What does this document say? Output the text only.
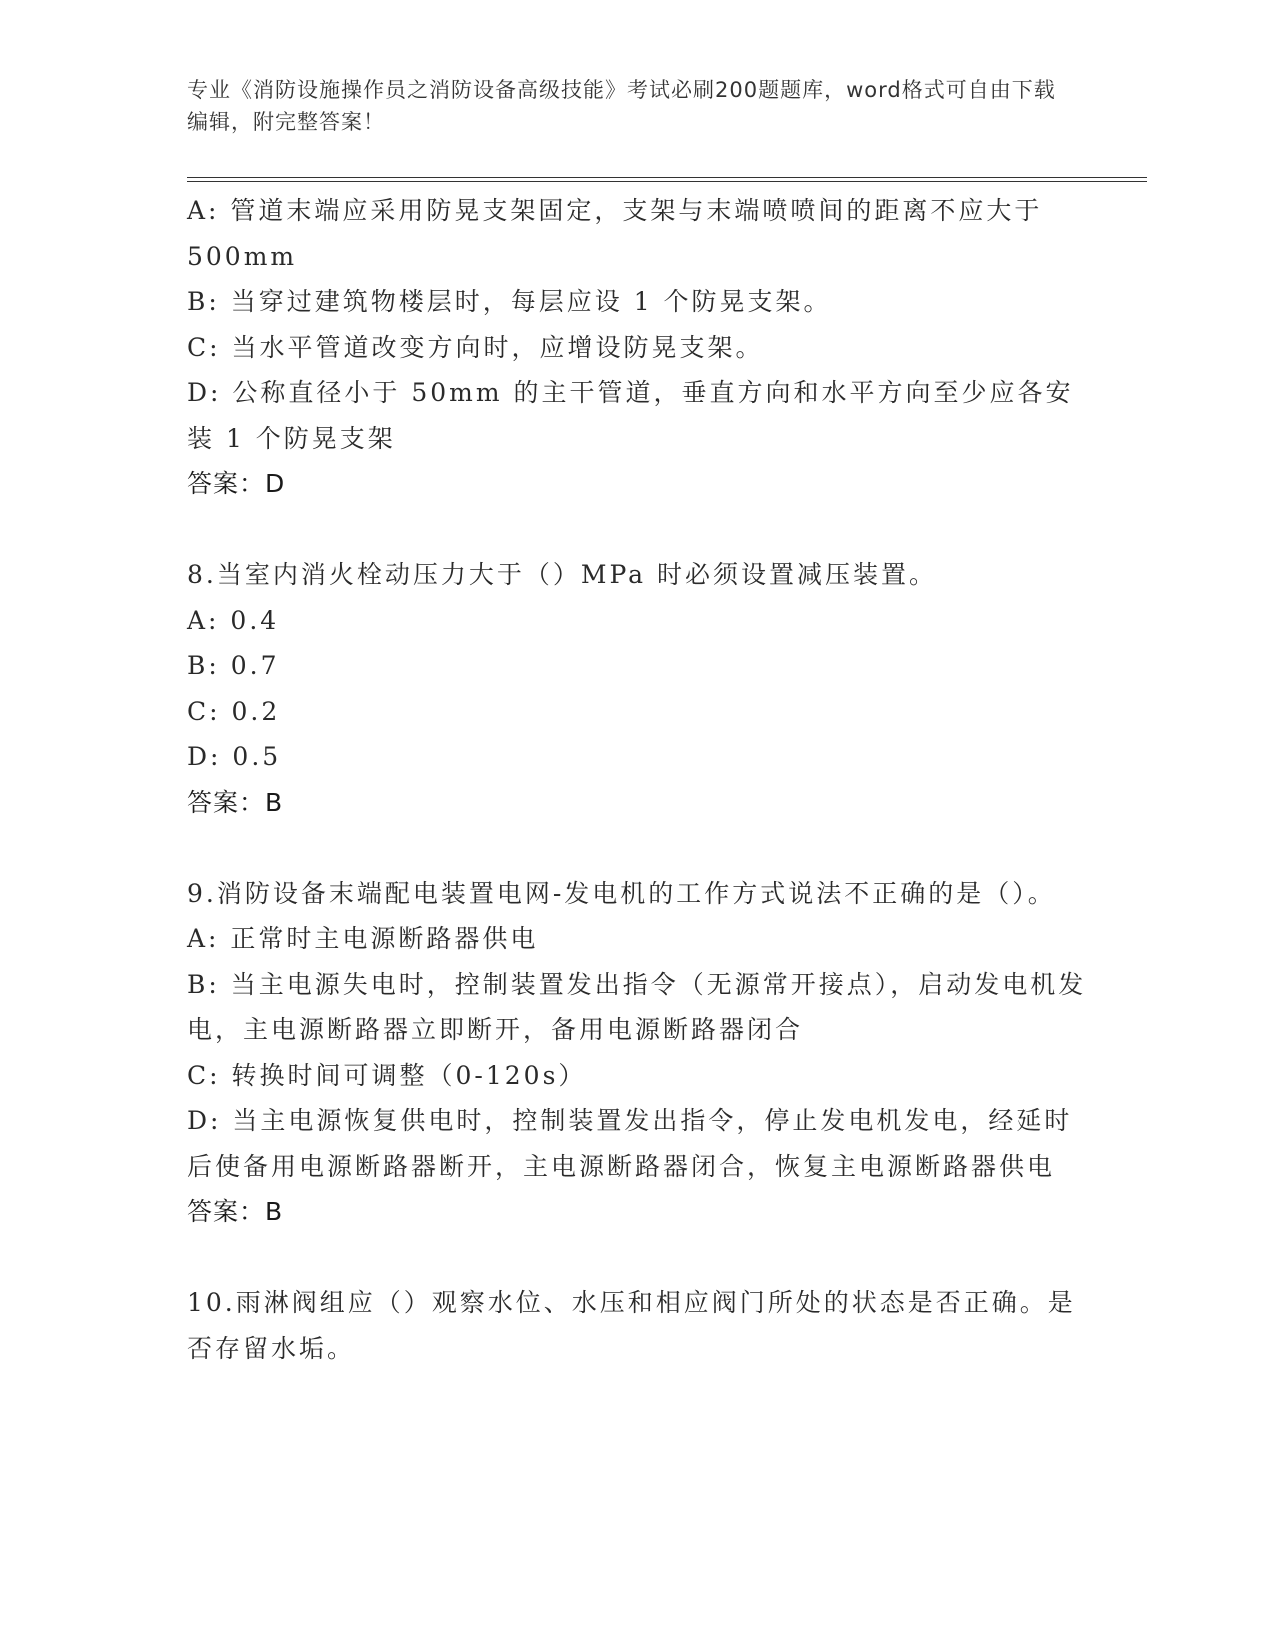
专业《消防设施操作员之消防设备高级技能》考试必刷200题题库，word格式可自由下载编辑，附完整答案！

A: 管道末端应采用防晃支架固定，支架与末端喷喷间的距离不应大于500mm

B: 当穿过建筑物楼层时，每层应设 1 个防晃支架。

C: 当水平管道改变方向时，应增设防晃支架。

D: 公称直径小于 50mm 的主干管道，垂直方向和水平方向至少应各安装 1 个防晃支架

答案：D

8.当室内消火栓动压力大于（）MPa 时必须设置减压装置。

A: 0.4

B: 0.7

C: 0.2

D: 0.5

答案：B

9.消防设备末端配电装置电网-发电机的工作方式说法不正确的是（）。

A: 正常时主电源断路器供电

B: 当主电源失电时，控制装置发出指令（无源常开接点），启动发电机发电，主电源断路器立即断开，备用电源断路器闭合

C: 转换时间可调整（0-120s）

D: 当主电源恢复供电时，控制装置发出指令，停止发电机发电，经延时后使备用电源断路器断开，主电源断路器闭合，恢复主电源断路器供电

答案：B

10.雨淋阀组应（）观察水位、水压和相应阀门所处的状态是否正确。是否存留水垢。
